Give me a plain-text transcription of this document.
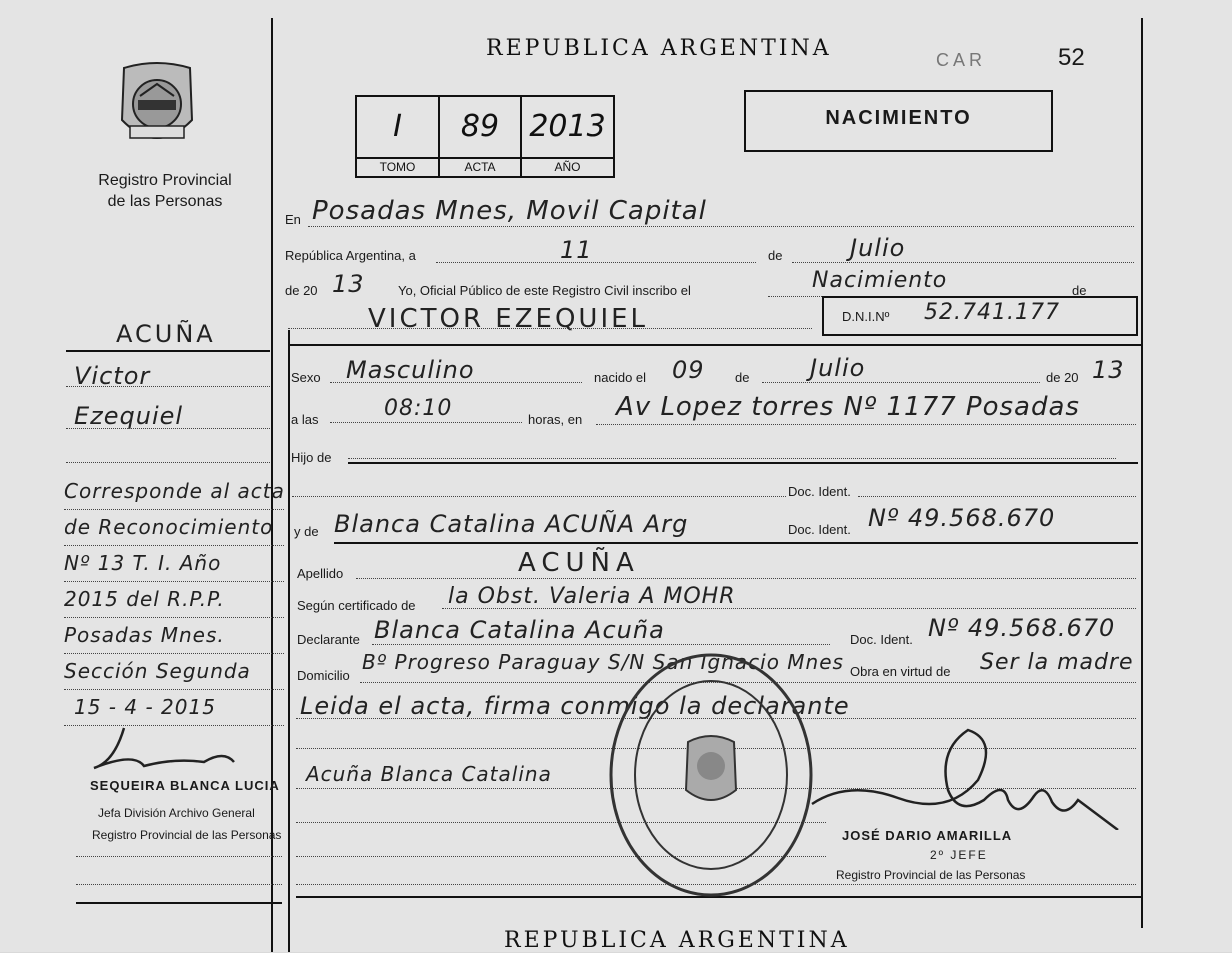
REPUBLICA ARGENTINA	CAR	52
Registro Provincial
de las Personas
I
TOMO
89
ACTA
2013
AÑO
NACIMIENTO
En Posadas Mnes, Movil Capital
República Argentina, a	11	de	Julio
de 20 13	Yo, Oficial Público de este Registro Civil inscribo el	Nacimiento	de
VICTOR EZEQUIEL	D.N.I.Nº 52.741.177
Sexo Masculino	nacido el 09 de	Julio	de 20 13
a las	08:10	horas, en Av Lopez torres Nº 1177 Posadas
Hijo de
Doc. Ident.
y de Blanca Catalina ACUÑA Arg	Doc. Ident. Nº 49.568.670
Apellido	ACUÑA
Según certificado de la Obst. Valeria A MOHR
Declarante Blanca Catalina Acuña	Doc. Ident. Nº 49.568.670
Domicilio
Bº Progreso Paraguay S/N San Ignacio Mnes Obra en virtud de Ser la madre
Leida el acta, firma conmigo la declarante
Acuña Blanca Catalina
JOSÉ DARIO AMARILLA
2º JEFE
Registro Provincial de las Personas
ACUÑA
Victor
Ezequiel
Corresponde al acta
de Reconocimiento
Nº 13 T. I. Año
2015 del R.P.P.
Posadas Mnes.
Sección Segunda
15 - 4 - 2015
SEQUEIRA BLANCA LUCIA
Jefa División Archivo General
Registro Provincial de las Personas
REPUBLICA ARGENTINA
